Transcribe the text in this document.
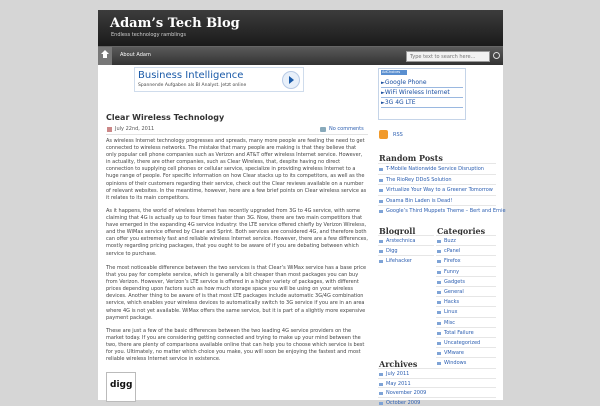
Adam’s Tech Blog
Endless technology ramblings
About Adam
Type text to search here...
Business Intelligence
Spannende Aufgaben als BI Analyst. Jetzt online
Clear Wireless Technology
July 22nd, 2011	No comments

As wireless Internet technology progresses and spreads, many more people are feeling the need to get connected to wireless networks. The mistake that many people are making is that they believe that only popular cell phone companies such as Verizon and AT&T offer wireless Internet service. However, in actuality, there are other companies, such as Clear Wireless, that, despite having no direct connection to supplying cell phones or cellular service, specialize in providing wireless Internet to a huge range of people. For specific information on how Clear stacks up to its competitors, as well as the opinions of their customers regarding their service, check out the Clear reviews available on a number of relevant websites. In the meantime, however, here are a few brief points on Clear wireless service as it relates to its main competitors.

As it happens, the world of wireless Internet has recently upgraded from 3G to 4G service, with some claiming that 4G is actually up to four times faster than 3G. Now, there are two main competitors that have emerged in the expanding 4G service industry: the LTE service offered chiefly by Verizon Wireless, and the WiMax service offered by Clear and Sprint. Both services are considered 4G, and therefore both can offer you extremely fast and reliable wireless Internet service. However, there are a few differences, mostly regarding pricing packages, that you ought to be aware of if you are debating between which service to purchase.

The most noticeable difference between the two services is that Clear’s WiMax service has a base price that you pay for complete service, which is generally a bit cheaper than most packages you can buy from Verizon. However, Verizon’s LTE service is offered in a higher variety of packages, with different prices depending upon factors such as how much storage space you will be using on your wireless devices. Another thing to be aware of is that most LTE packages include automatic 3G/4G combination service, which enables your wireless devices to automatically switch to 3G service if you are in an area where 4G is not yet available. WiMax offers the same service, but it is part of a slightly more expensive payment package.

These are just a few of the basic differences between the two leading 4G service providers on the market today. If you are considering getting connected and trying to make up your mind between the two, there are plenty of comparisons available online that can help you to choose which service is best for you. Ultimately, no matter which choice you make, you will soon be enjoying the fastest and most reliable wireless Internet service in existence.

digg
AdChoices
► Google Phone
► WiFi Wireless Internet
► 3G 4G LTE
RSS
Random Posts
T-Mobile Nationwide Service Disruption
The RioRey DDoS Solution
Virtualize Your Way to a Greener Tomorrow
Osama Bin Laden is Dead!
Google’s Third Muppets Theme – Bert and Ernie
Blogroll
Arstechnica
Digg
Lifehacker
Categories
Buzz
cPanel
Firefox
Funny
Gadgets
General
Hacks
Linux
Misc
Total Failure
Uncategorized
VMware
Windows
Archives
July 2011
May 2011
November 2009
October 2009
